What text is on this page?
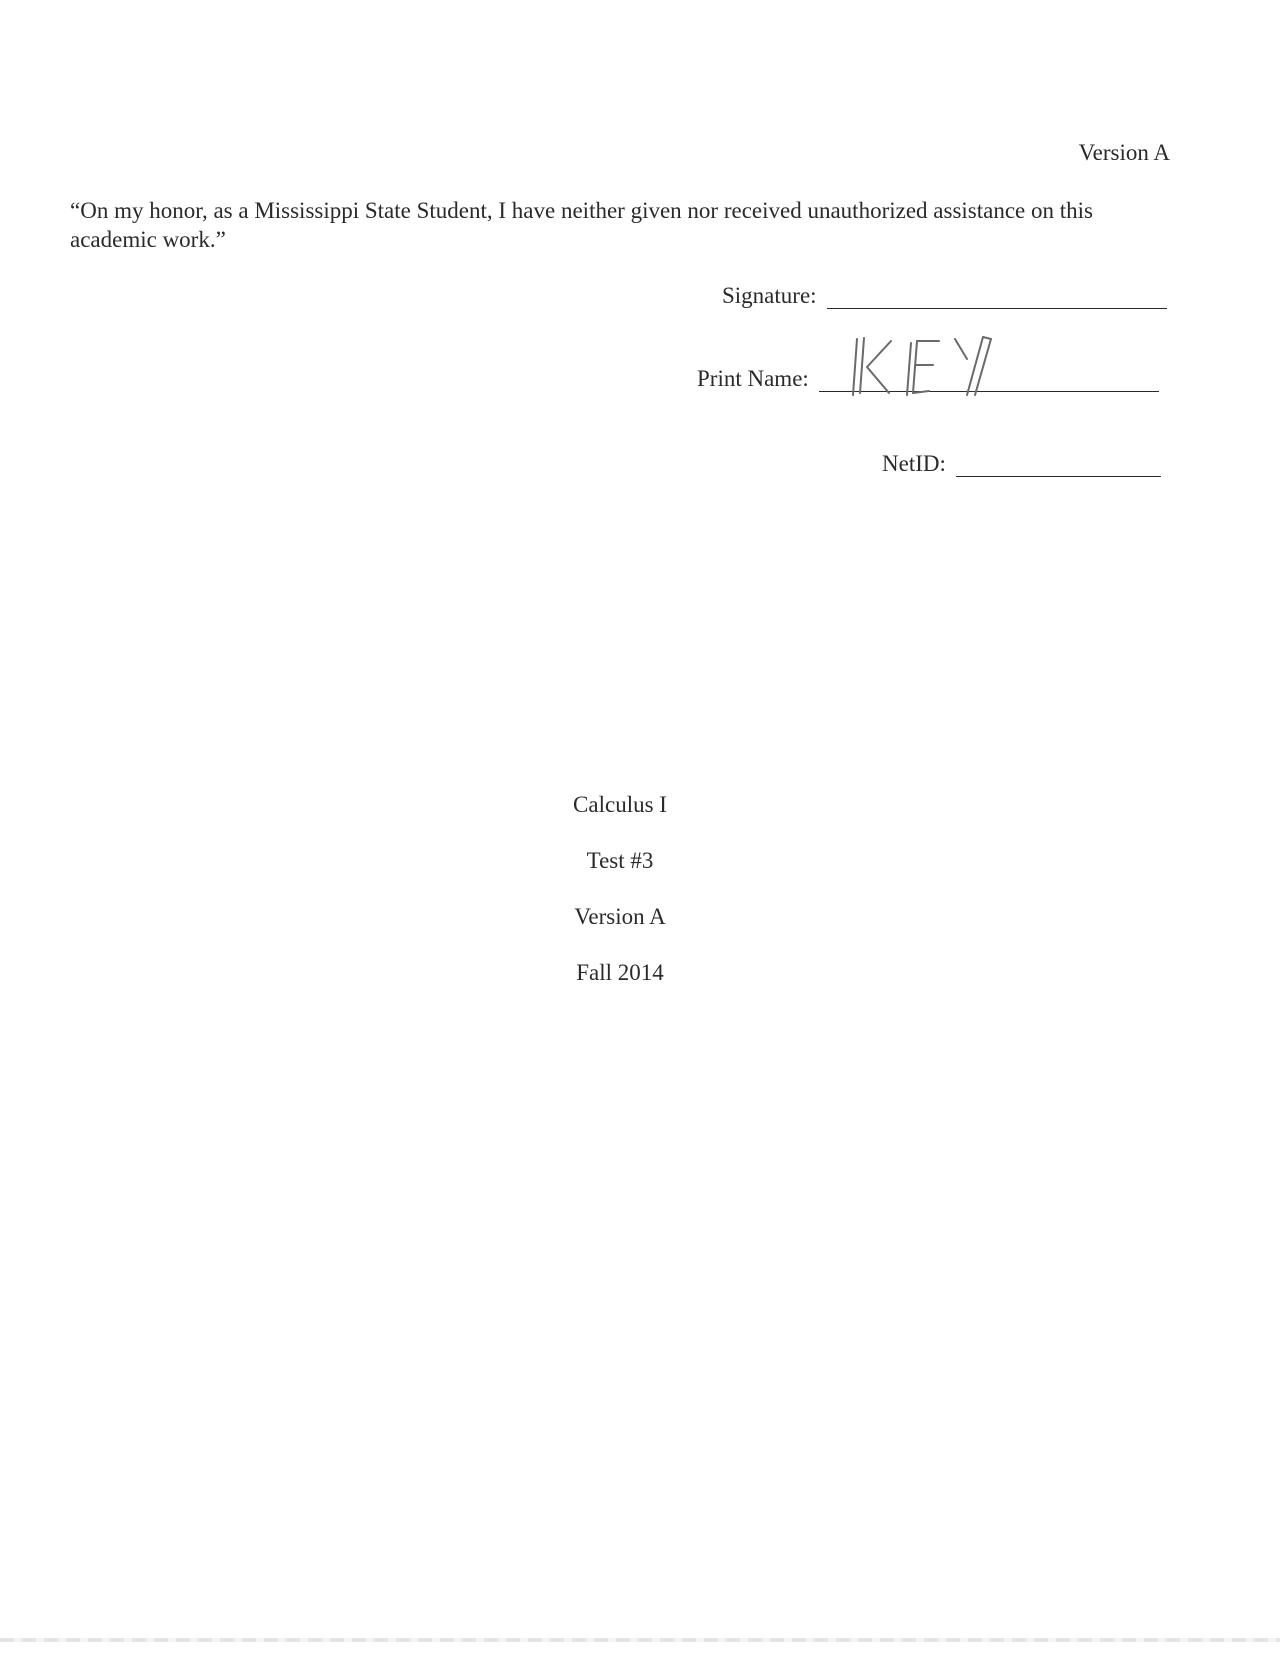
Version A
“On my honor, as a Mississippi State Student, I have neither given nor received unauthorized assistance on this academic work.”
Signature:
Print Name:
NetID:
Calculus I
Test #3
Version A
Fall 2014
